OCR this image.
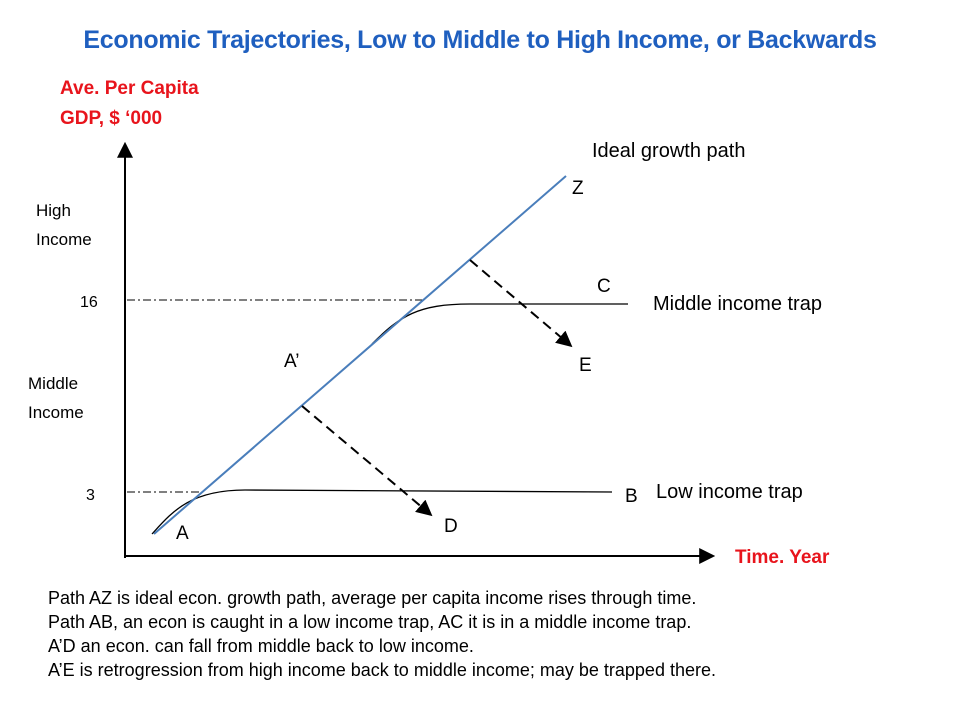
Economic Trajectories, Low to Middle to High Income, or Backwards
Ave. Per Capita
GDP, $ ‘000
Time. Year
High
Income
Middle
Income
16
3
A
A’
B
C
D
E
Z
Ideal growth path
Middle income trap
Low income trap
Path AZ is ideal econ. growth path, average per capita income rises through time.
Path AB, an econ is caught in a low income trap, AC it is in a middle income trap.
A’D an econ. can fall from middle back to low income.
A’E is retrogression from high income back to middle income; may be trapped there.
